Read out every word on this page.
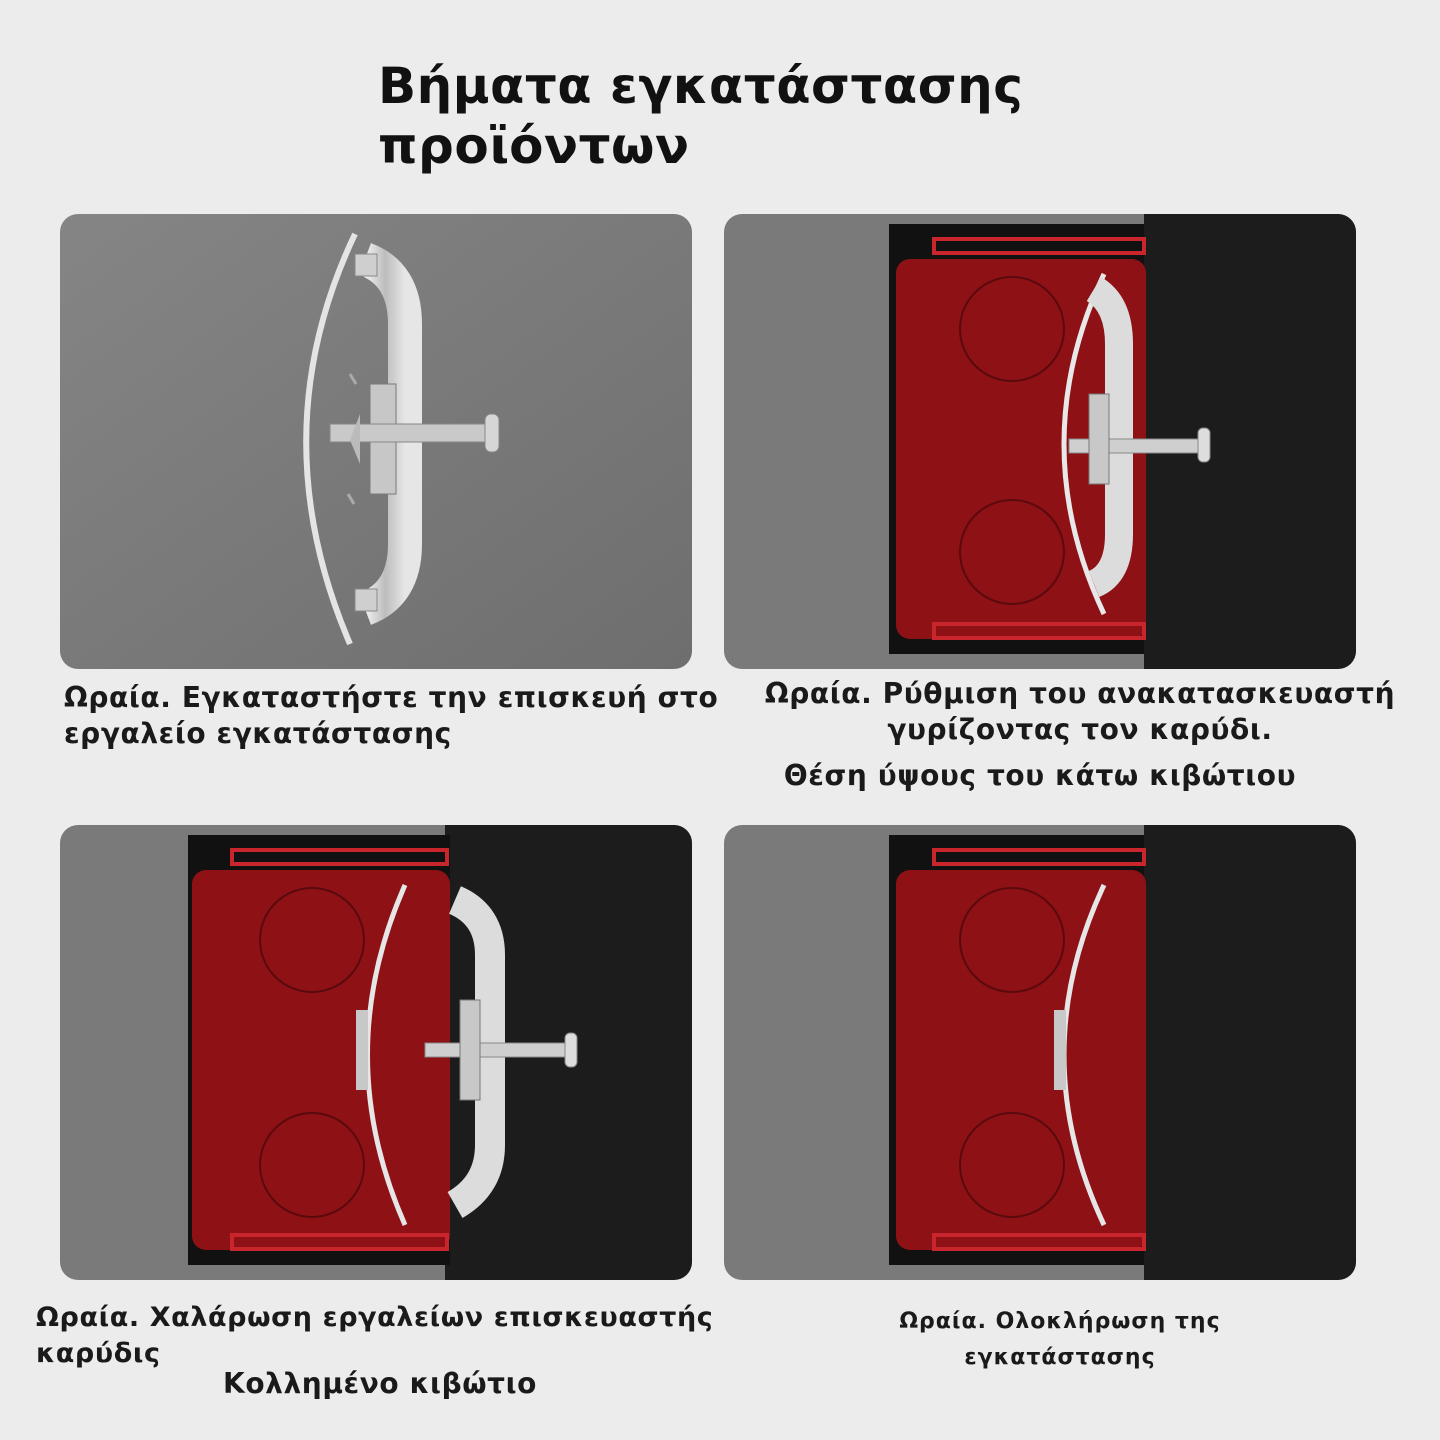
Βήματα εγκατάστασης προϊόντων
Ωραία. Εγκαταστήστε την επισκευή στο εργαλείο εγκατάστασης
Ωραία. Ρύθμιση του ανακατασκευαστή γυρίζοντας τον καρύδι.
Θέση ύψους του κάτω κιβώτιου
Ωραία. Χαλάρωση εργαλείων επισκευαστής καρύδις
Κολλημένο κιβώτιο
Ωραία. Ολοκλήρωση της εγκατάστασης
